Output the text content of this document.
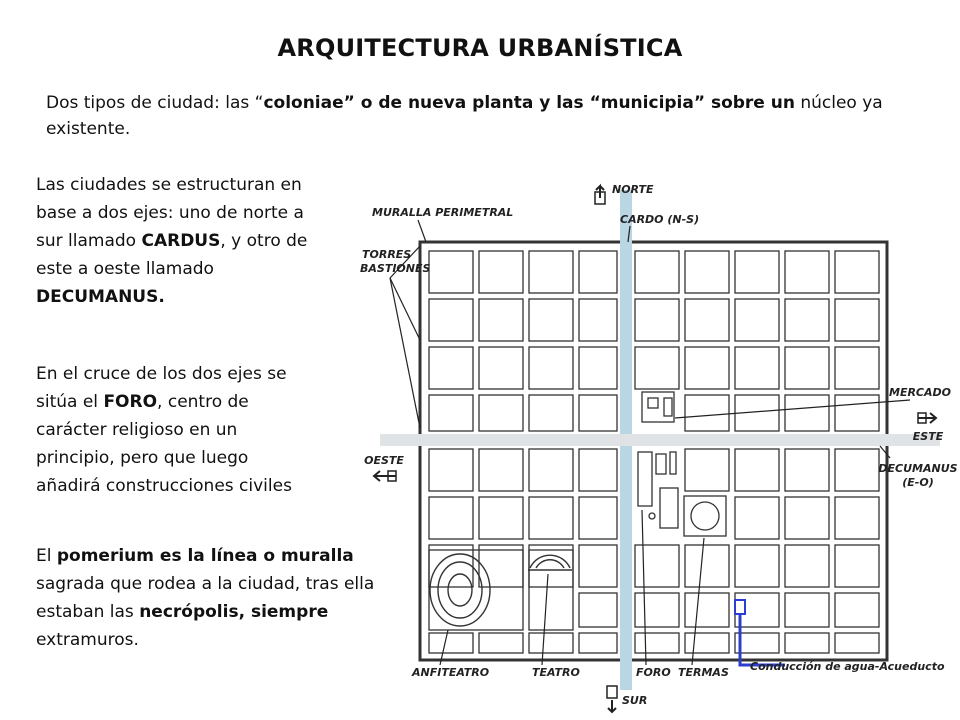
ARQUITECTURA URBANÍSTICA
Dos tipos de ciudad: las “coloniae” o de nueva planta y las “municipia” sobre un núcleo ya existente.
Las ciudades se estructuran en base a dos ejes: uno de norte a sur llamado CARDUS, y otro de este a oeste llamado DECUMANUS.
En el cruce de los dos ejes se sitúa el FORO, centro de carácter religioso en un principio, pero que luego añadirá construcciones civiles
El pomerium es la línea o muralla sagrada que rodea a la ciudad, tras ella estaban las necrópolis, siempre extramuros.
NORTE
CARDO (N-S)
MURALLA PERIMETRAL
TORRES
BASTIONES
MERCADO
ESTE
OESTE
DECUMANUS
(E-O)
ANFITEATRO	TEATRO	FORO TERMAS Conducción de agua-Acueducto
SUR
